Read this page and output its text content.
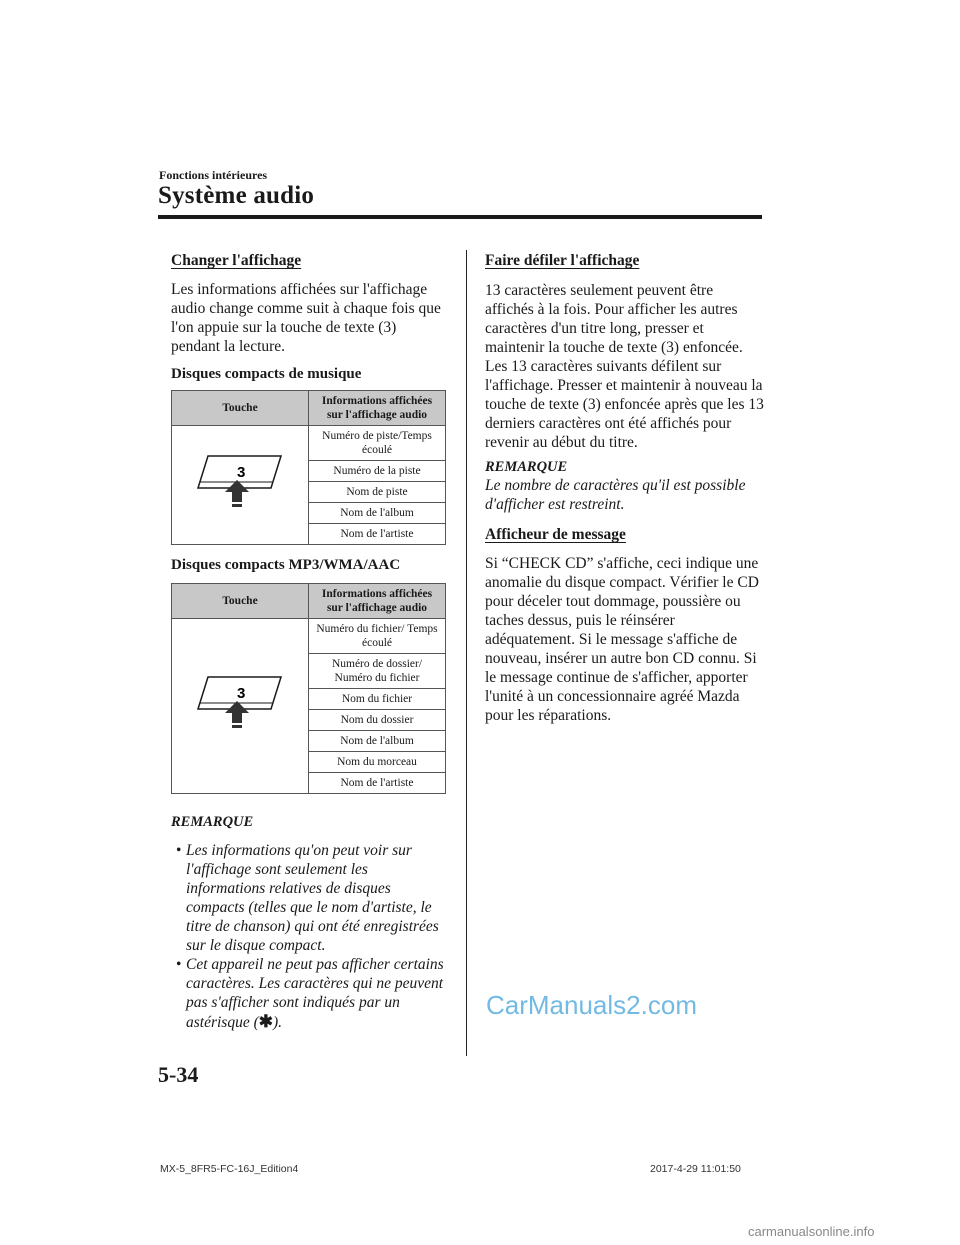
Fonctions intérieures
Système audio

Changer l'affichage

Les informations affichées sur l'affichage audio change comme suit à chaque fois que l'on appuie sur la touche de texte (3) pendant la lecture.

Disques compacts de musique

Touche	Informations affichées sur l'affichage audio

3	Numéro de piste/Temps écoulé
	Numéro de la piste
	Nom de piste
	Nom de l'album
	Nom de l'artiste

Disques compacts MP3/WMA/AAC

Touche	Informations affichées sur l'affichage audio

3	Numéro du fichier/ Temps écoulé
	Numéro de dossier/ Numéro du fichier
	Nom du fichier
	Nom du dossier
	Nom de l'album
	Nom du morceau
	Nom de l'artiste

REMARQUE

• Les informations qu'on peut voir sur l'affichage sont seulement les informations relatives de disques compacts (telles que le nom d'artiste, le titre de chanson) qui ont été enregistrées sur le disque compact.
• Cet appareil ne peut pas afficher certains caractères. Les caractères qui ne peuvent pas s'afficher sont indiqués par un astérisque (✱).

Faire défiler l'affichage

13 caractères seulement peuvent être affichés à la fois. Pour afficher les autres caractères d'un titre long, presser et maintenir la touche de texte (3) enfoncée. Les 13 caractères suivants défilent sur l'affichage. Presser et maintenir à nouveau la touche de texte (3) enfoncée après que les 13 derniers caractères ont été affichés pour revenir au début du titre.

REMARQUE

Le nombre de caractères qu'il est possible d'afficher est restreint.

Afficheur de message

Si “CHECK CD” s'affiche, ceci indique une anomalie du disque compact. Vérifier le CD pour déceler tout dommage, poussière ou taches dessus, puis le réinsérer adéquatement. Si le message s'affiche de nouveau, insérer un autre bon CD connu. Si le message continue de s'afficher, apporter l'unité à un concessionnaire agréé Mazda pour les réparations.

5-34
MX-5_8FR5-FC-16J_Edition4	2017-4-29 11:01:50
CarManuals2.com
carmanualsonline.info
